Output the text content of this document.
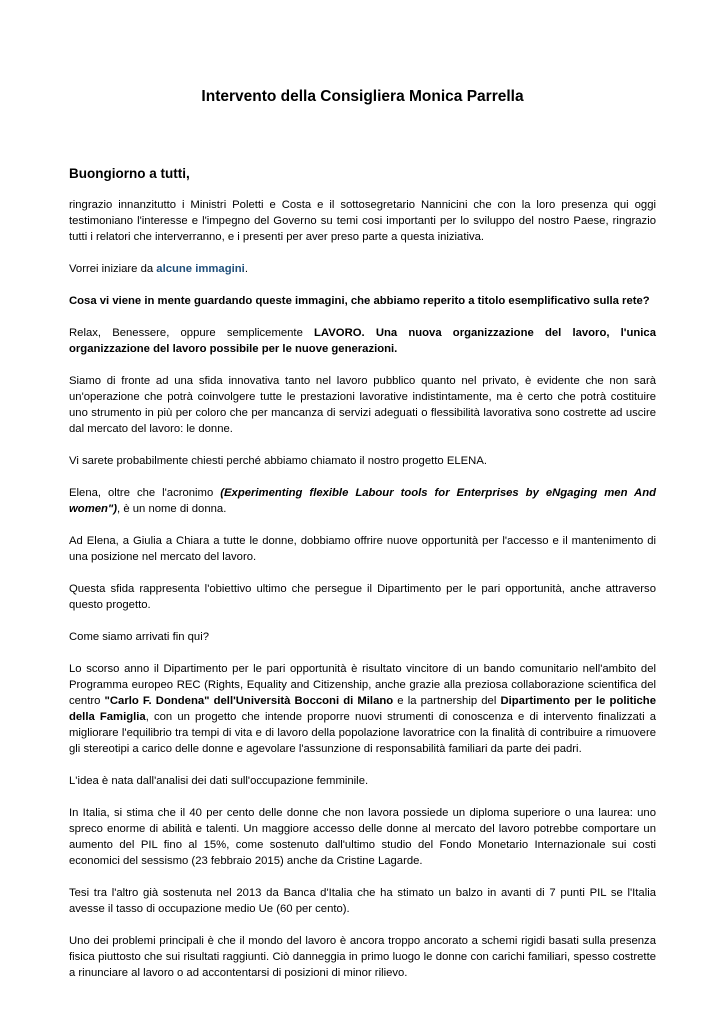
Intervento della Consigliera Monica Parrella
Buongiorno a tutti,

ringrazio innanzitutto i Ministri Poletti e Costa e il sottosegretario Nannicini che con la loro presenza qui oggi testimoniano l'interesse e l'impegno del Governo su temi cosi importanti per lo sviluppo del nostro Paese, ringrazio tutti i relatori che interverranno, e i presenti per aver preso parte a questa iniziativa.

Vorrei iniziare da alcune immagini.

Cosa vi viene in mente guardando queste immagini, che abbiamo reperito a titolo esemplificativo sulla rete?

Relax, Benessere, oppure semplicemente LAVORO. Una nuova organizzazione del lavoro, l'unica organizzazione del lavoro possibile per le nuove generazioni.

Siamo di fronte ad una sfida innovativa tanto nel lavoro pubblico quanto nel privato, è evidente che non sarà un'operazione che potrà coinvolgere tutte le prestazioni lavorative indistintamente, ma è certo che potrà costituire uno strumento in più per coloro che per mancanza di servizi adeguati o flessibilità lavorativa sono costrette ad uscire dal mercato del lavoro: le donne.

Vi sarete probabilmente chiesti perché abbiamo chiamato il nostro progetto ELENA.

Elena, oltre che l'acronimo (Experimenting flexible Labour tools for Enterprises by eNgaging men And women"), è un nome di donna.

Ad Elena, a Giulia a Chiara a tutte le donne, dobbiamo offrire nuove opportunità per l'accesso e il mantenimento di una posizione nel mercato del lavoro.

Questa sfida rappresenta l'obiettivo ultimo che persegue il Dipartimento per le pari opportunità, anche attraverso questo progetto.

Come siamo arrivati fin qui?

Lo scorso anno il Dipartimento per le pari opportunità è risultato vincitore di un bando comunitario nell'ambito del Programma europeo REC (Rights, Equality and Citizenship, anche grazie alla preziosa collaborazione scientifica del centro "Carlo F. Dondena" dell'Università Bocconi di Milano e la partnership del Dipartimento per le politiche della Famiglia, con un progetto che intende proporre nuovi strumenti di conoscenza e di intervento finalizzati a migliorare l'equilibrio tra tempi di vita e di lavoro della popolazione lavoratrice con la finalità di contribuire a rimuovere gli stereotipi a carico delle donne e agevolare l'assunzione di responsabilità familiari da parte dei padri.

L'idea è nata dall'analisi dei dati sull'occupazione femminile.

In Italia, si stima che il 40 per cento delle donne che non lavora possiede un diploma superiore o una laurea: uno spreco enorme di abilità e talenti. Un maggiore accesso delle donne al mercato del lavoro potrebbe comportare un aumento del PIL fino al 15%, come sostenuto dall'ultimo studio del Fondo Monetario Internazionale sui costi economici del sessismo (23 febbraio 2015) anche da Cristine Lagarde.

Tesi tra l'altro già sostenuta nel 2013 da Banca d'Italia che ha stimato un balzo in avanti di 7 punti PIL se l'Italia avesse il tasso di occupazione medio Ue (60 per cento).

Uno dei problemi principali è che il mondo del lavoro è ancora troppo ancorato a schemi rigidi basati sulla presenza fisica piuttosto che sui risultati raggiunti. Ciò danneggia in primo luogo le donne con carichi familiari, spesso costrette a rinunciare al lavoro o ad accontentarsi di posizioni di minor rilievo.
